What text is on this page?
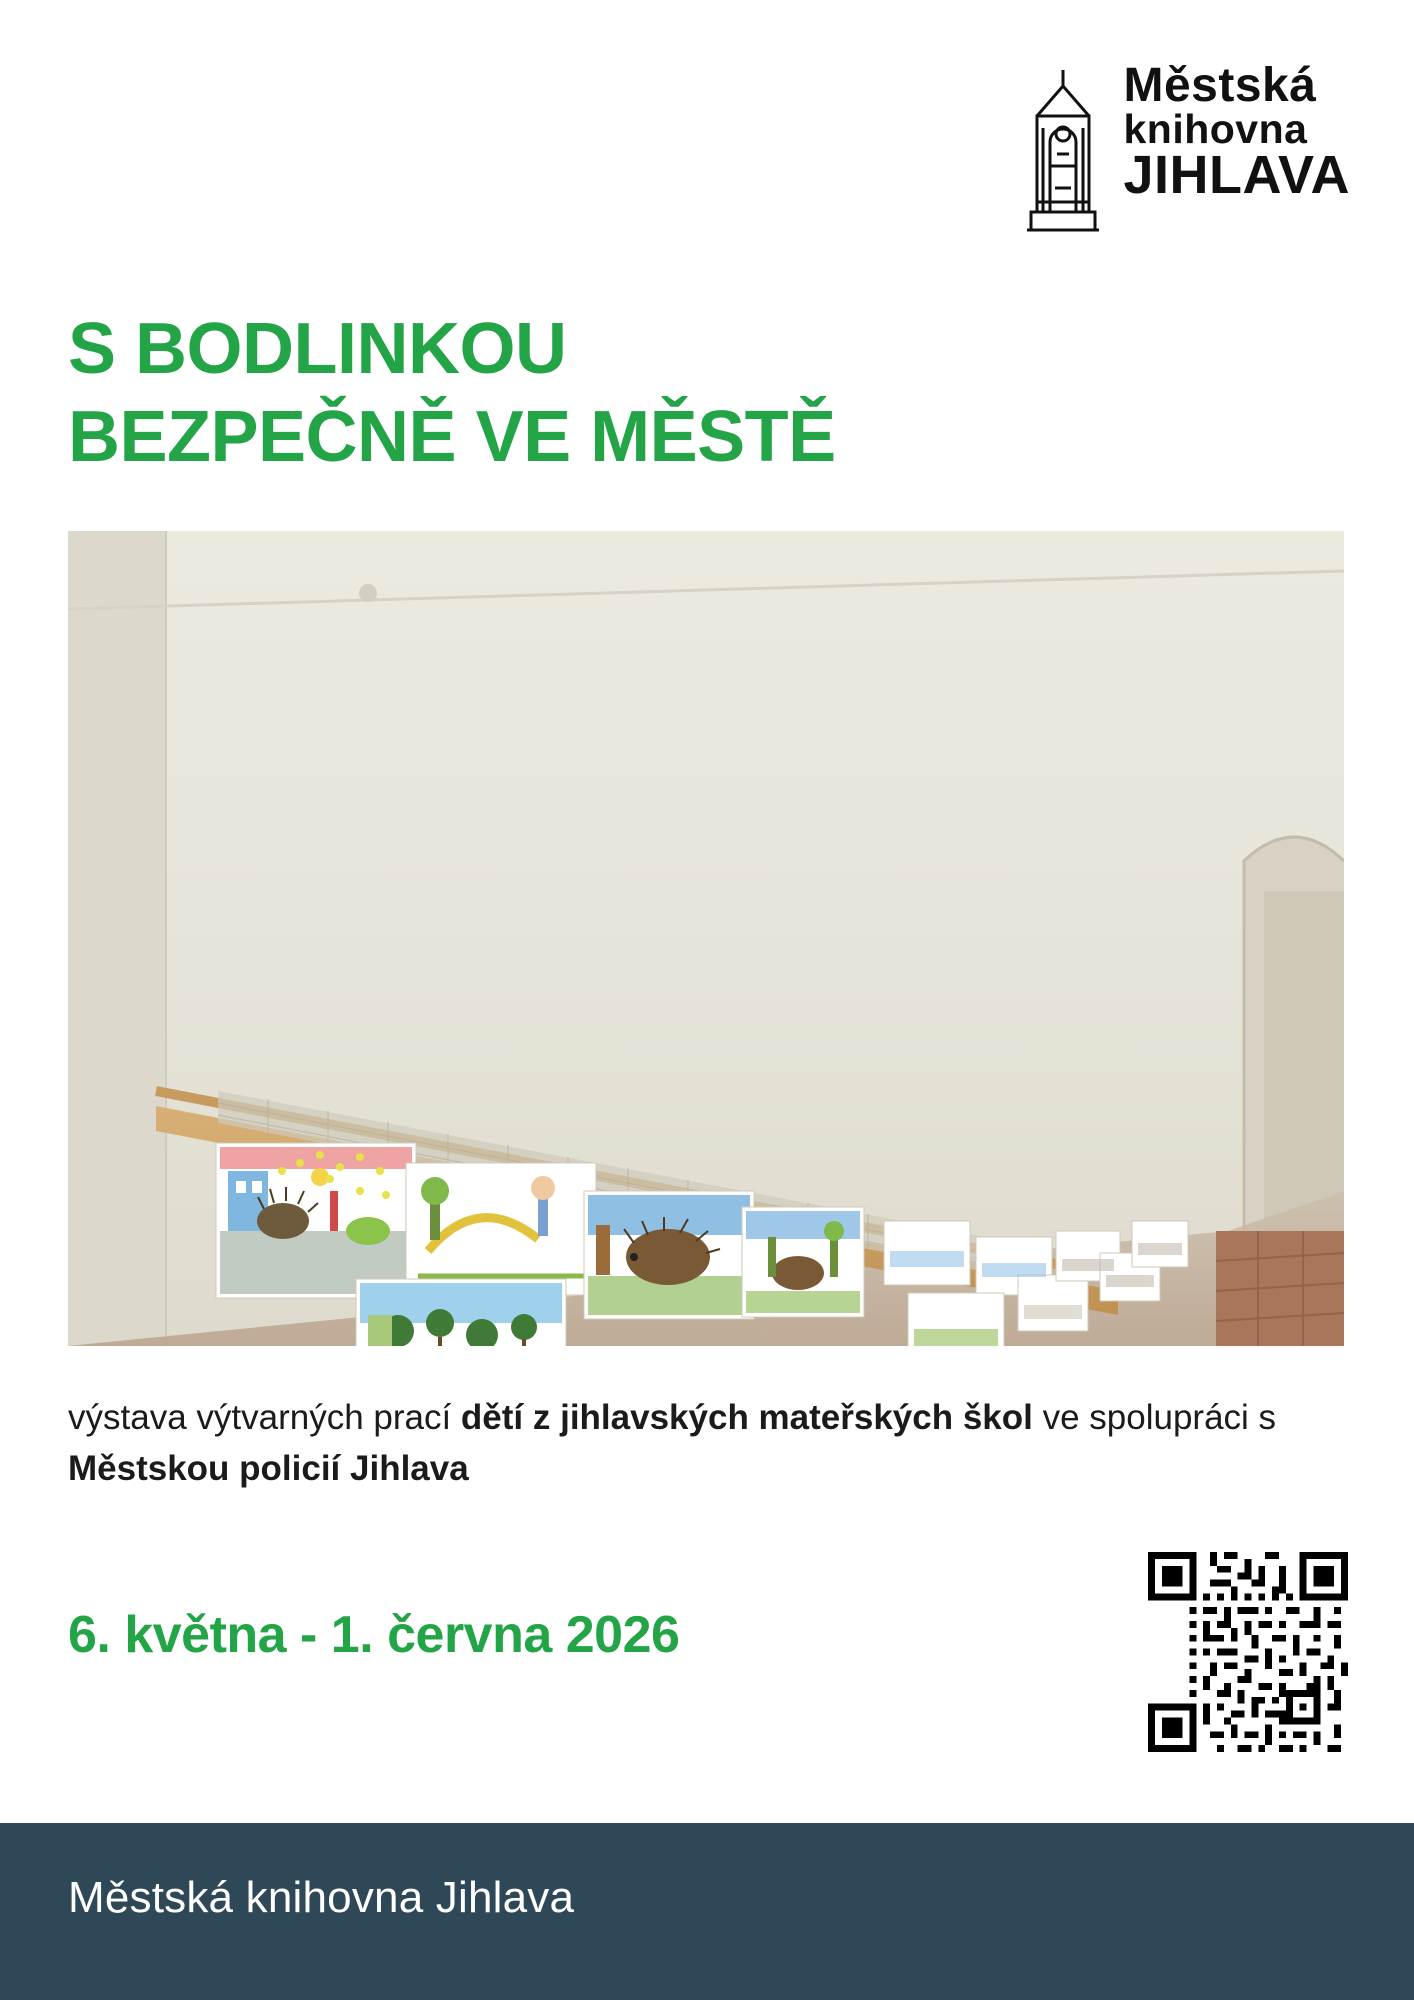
Městská
knihovna
JIHLAVA
S BODLINKOU
BEZPEČNĚ VE MĚSTĚ

výstava výtvarných prací dětí z jihlavských mateřských škol ve spolupráci s Městskou policií Jihlava

6. května - 1. června 2026
Městská knihovna Jihlava
